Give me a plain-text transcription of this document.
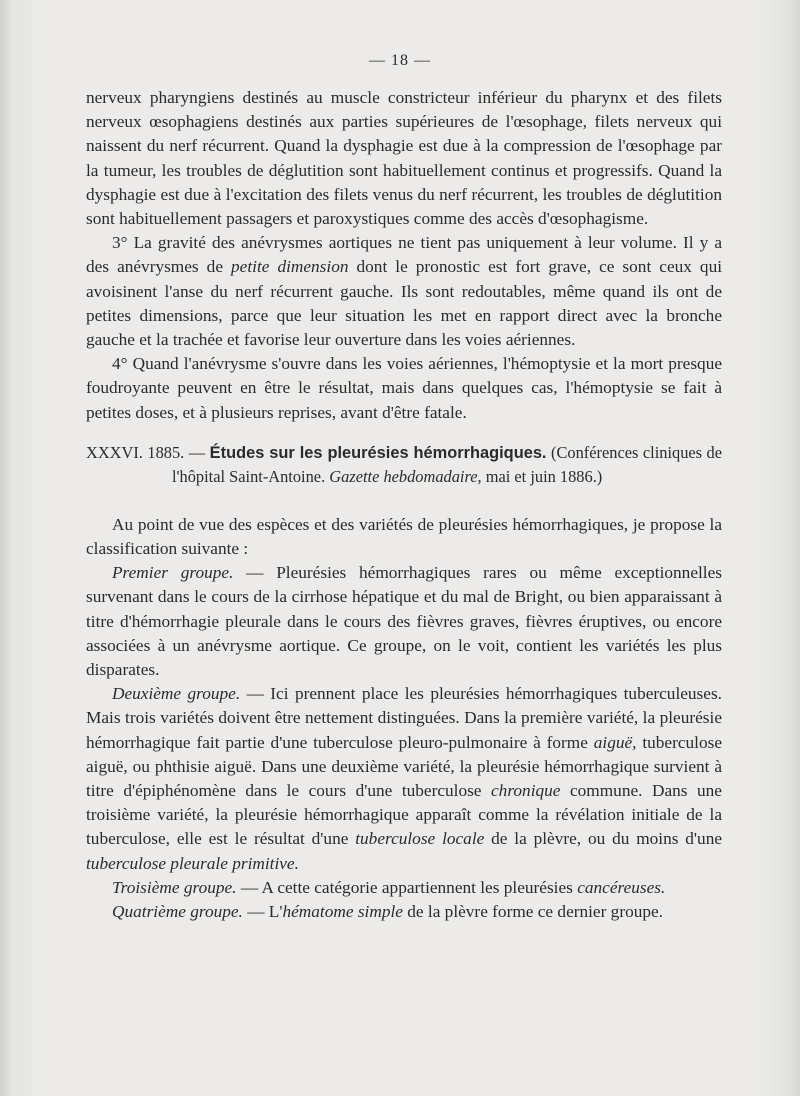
— 18 —

nerveux pharyngiens destinés au muscle constricteur inférieur du pharynx et des filets nerveux œsophagiens destinés aux parties supérieures de l'œsophage, filets nerveux qui naissent du nerf récurrent. Quand la dysphagie est due à la compression de l'œsophage par la tumeur, les troubles de déglutition sont habituellement continus et progressifs. Quand la dysphagie est due à l'excitation des filets venus du nerf récurrent, les troubles de déglutition sont habituellement passagers et paroxystiques comme des accès d'œsophagisme.

3° La gravité des anévrysmes aortiques ne tient pas uniquement à leur volume. Il y a des anévrysmes de petite dimension dont le pronostic est fort grave, ce sont ceux qui avoisinent l'anse du nerf récurrent gauche. Ils sont redoutables, même quand ils ont de petites dimensions, parce que leur situation les met en rapport direct avec la bronche gauche et la trachée et favorise leur ouverture dans les voies aériennes.

4° Quand l'anévrysme s'ouvre dans les voies aériennes, l'hémoptysie et la mort presque foudroyante peuvent en être le résultat, mais dans quelques cas, l'hémoptysie se fait à petites doses, et à plusieurs reprises, avant d'être fatale.

XXXVI. 1885. — Études sur les pleurésies hémorrhagiques. (Conférences cliniques de l'hôpital Saint-Antoine. Gazette hebdomadaire, mai et juin 1886.)

Au point de vue des espèces et des variétés de pleurésies hémorrhagiques, je propose la classification suivante :

Premier groupe. — Pleurésies hémorrhagiques rares ou même exceptionnelles survenant dans le cours de la cirrhose hépatique et du mal de Bright, ou bien apparaissant à titre d'hémorrhagie pleurale dans le cours des fièvres graves, fièvres éruptives, ou encore associées à un anévrysme aortique. Ce groupe, on le voit, contient les variétés les plus disparates.

Deuxième groupe. — Ici prennent place les pleurésies hémorrhagiques tuberculeuses. Mais trois variétés doivent être nettement distinguées. Dans la première variété, la pleurésie hémorrhagique fait partie d'une tuberculose pleuro-pulmonaire à forme aiguë, tuberculose aiguë, ou phthisie aiguë. Dans une deuxième variété, la pleurésie hémorrhagique survient à titre d'épiphénomène dans le cours d'une tuberculose chronique commune. Dans une troisième variété, la pleurésie hémorrhagique apparaît comme la révélation initiale de la tuberculose, elle est le résultat d'une tuberculose locale de la plèvre, ou du moins d'une tuberculose pleurale primitive.

Troisième groupe. — A cette catégorie appartiennent les pleurésies cancéreuses.

Quatrième groupe. — L'hématome simple de la plèvre forme ce dernier groupe.
